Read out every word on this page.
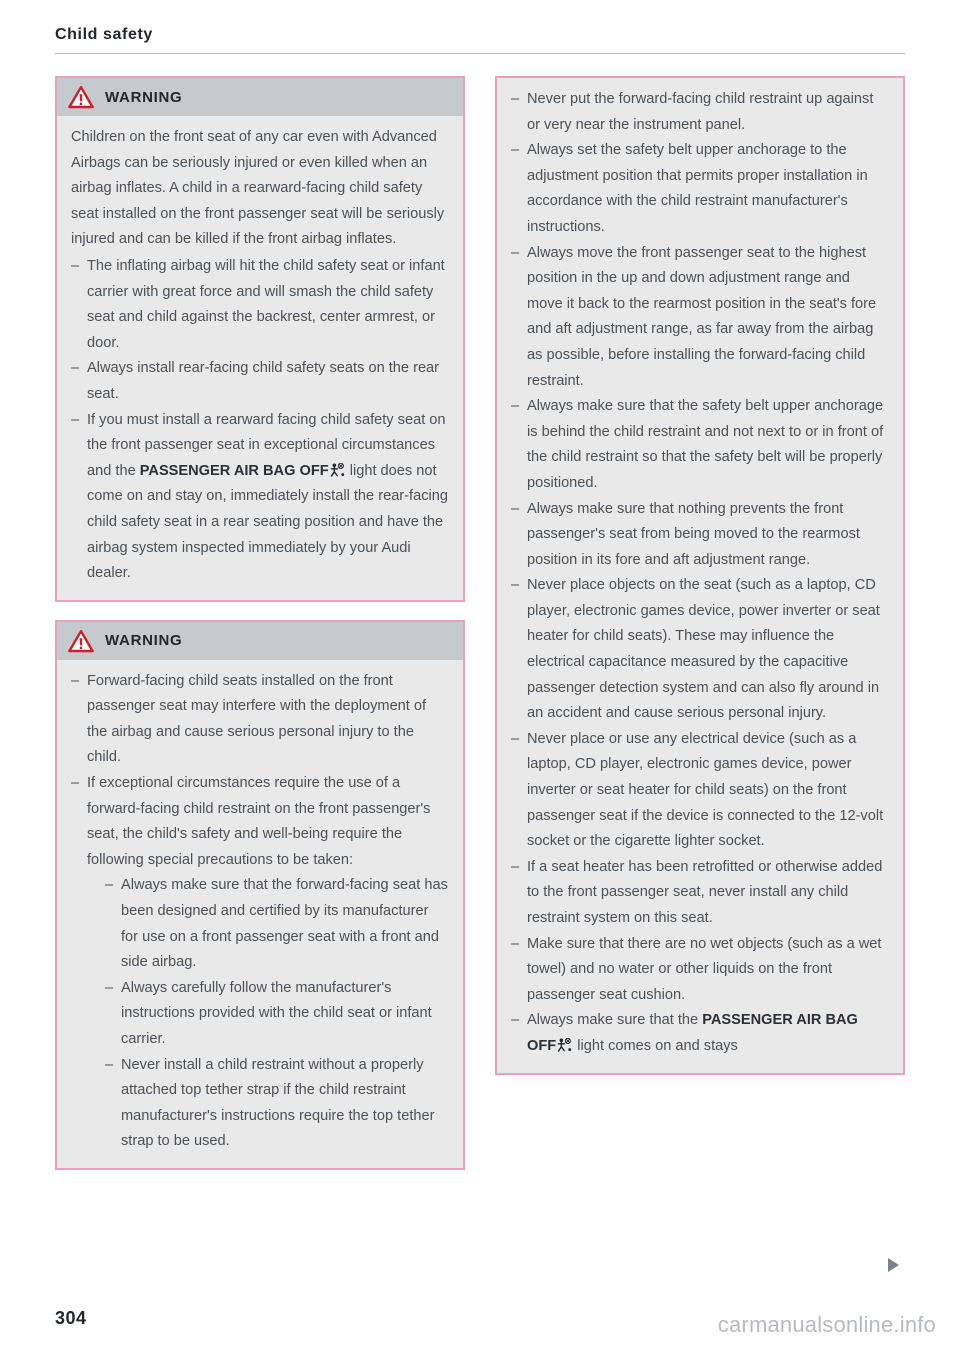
Child safety
WARNING

Children on the front seat of any car even with Advanced Airbags can be seriously injured or even killed when an airbag inflates. A child in a rearward-facing child safety seat installed on the front passenger seat will be seriously injured and can be killed if the front airbag inflates.

– The inflating airbag will hit the child safety seat or infant carrier with great force and will smash the child safety seat and child against the backrest, center armrest, or door.
– Always install rear-facing child safety seats on the rear seat.
– If you must install a rearward facing child safety seat on the front passenger seat in exceptional circumstances and the PASSENGER AIR BAG OFF light does not come on and stay on, immediately install the rear-facing child safety seat in a rear seating position and have the airbag system inspected immediately by your Audi dealer.
WARNING
– Forward-facing child seats installed on the front passenger seat may interfere with the deployment of the airbag and cause serious personal injury to the child.
– If exceptional circumstances require the use of a forward-facing child restraint on the front passenger's seat, the child's safety and well-being require the following special precautions to be taken:
– Always make sure that the forward-facing seat has been designed and certified by its manufacturer for use on a front passenger seat with a front and side airbag.
– Always carefully follow the manufacturer's instructions provided with the child seat or infant carrier.
– Never install a child restraint without a properly attached top tether strap if the child restraint manufacturer's instructions require the top tether strap to be used.
– Never put the forward-facing child restraint up against or very near the instrument panel.
– Always set the safety belt upper anchorage to the adjustment position that permits proper installation in accordance with the child restraint manufacturer's instructions.
– Always move the front passenger seat to the highest position in the up and down adjustment range and move it back to the rearmost position in the seat's fore and aft adjustment range, as far away from the airbag as possible, before installing the forward-facing child restraint.
– Always make sure that the safety belt upper anchorage is behind the child restraint and not next to or in front of the child restraint so that the safety belt will be properly positioned.
– Always make sure that nothing prevents the front passenger's seat from being moved to the rearmost position in its fore and aft adjustment range.
– Never place objects on the seat (such as a laptop, CD player, electronic games device, power inverter or seat heater for child seats). These may influence the electrical capacitance measured by the capacitive passenger detection system and can also fly around in an accident and cause serious personal injury.
– Never place or use any electrical device (such as a laptop, CD player, electronic games device, power inverter or seat heater for child seats) on the front passenger seat if the device is connected to the 12-volt socket or the cigarette lighter socket.
– If a seat heater has been retrofitted or otherwise added to the front passenger seat, never install any child restraint system on this seat.
– Make sure that there are no wet objects (such as a wet towel) and no water or other liquids on the front passenger seat cushion.
– Always make sure that the PASSENGER AIR BAG OFF light comes on and stays
304	carmanualsonline.info
